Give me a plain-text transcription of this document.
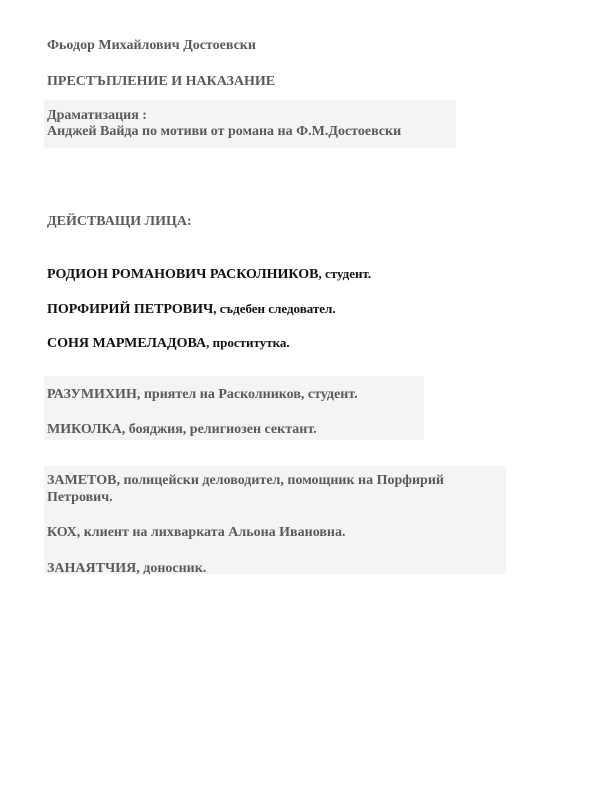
Фьодор Михайлович Достоевски
ПРЕСТЪПЛЕНИЕ И НАКАЗАНИЕ
Драматизация :
Анджей Вайда по мотиви от романа на Ф.М.Достоевски
ДЕЙСТВАЩИ ЛИЦА:
РОДИОН РОМАНОВИЧ РАСКОЛНИКОВ, студент.
ПОРФИРИЙ ПЕТРОВИЧ, съдебен следовател.
СОНЯ МАРМЕЛАДОВА, проститутка.
РАЗУМИХИН, приятел на Расколников, студент.
МИКОЛКА, бояджия, религиозен сектант.
ЗАМЕТОВ, полицейски деловодител, помощник на Порфирий
Петрович.
КОХ, клиент на лихварката Альона Ивановна.
ЗАНАЯТЧИЯ, доносник.
